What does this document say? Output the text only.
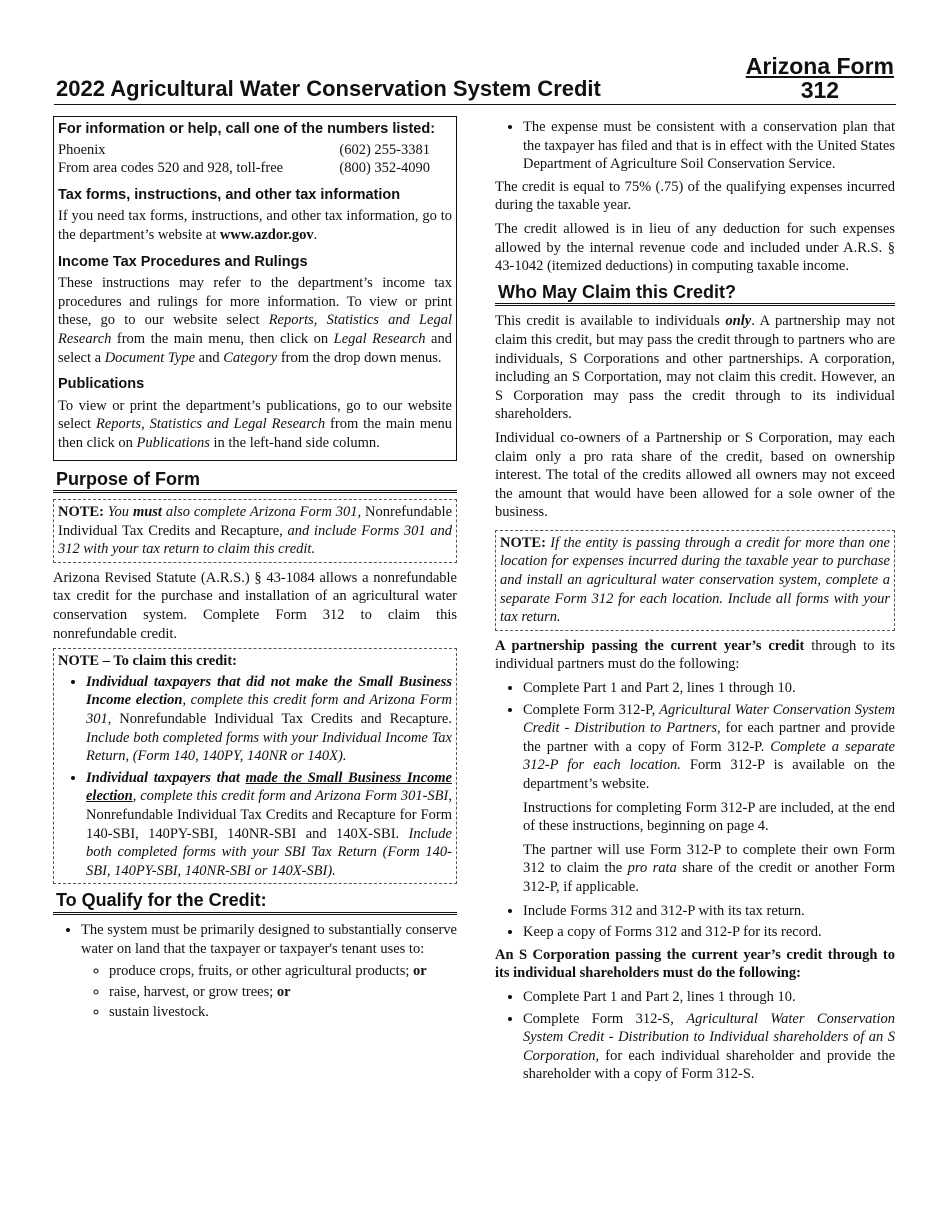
2022 Agricultural Water Conservation System Credit
Arizona Form
312
For information or help, call one of the numbers listed:
Phoenix	(602) 255-3381
From area codes 520 and 928, toll-free	(800) 352-4090
Tax forms, instructions, and other tax information

If you need tax forms, instructions, and other tax information, go to the department’s website at www.azdor.gov.

Income Tax Procedures and Rulings

These instructions may refer to the department’s income tax procedures and rulings for more information. To view or print these, go to our website select Reports, Statistics and Legal Research from the main menu, then click on Legal Research and select a Document Type and Category from the drop down menus.

Publications

To view or print the department’s publications, go to our website select Reports, Statistics and Legal Research from the main menu then click on Publications in the left-hand side column.

Purpose of Form

NOTE: You must also complete Arizona Form 301, Nonrefundable Individual Tax Credits and Recapture, and include Forms 301 and 312 with your tax return to claim this credit.

Arizona Revised Statute (A.R.S.) § 43-1084 allows a nonrefundable tax credit for the purchase and installation of an agricultural water conservation system. Complete Form 312 to claim this nonrefundable credit.

NOTE – To claim this credit:
• Individual taxpayers that did not make the Small Business Income election, complete this credit form and Arizona Form 301, Nonrefundable Individual Tax Credits and Recapture. Include both completed forms with your Individual Income Tax Return, (Form 140, 140PY, 140NR or 140X).
• Individual taxpayers that made the Small Business Income election, complete this credit form and Arizona Form 301-SBI, Nonrefundable Individual Tax Credits and Recapture for Form 140-SBI, 140PY-SBI, 140NR-SBI and 140X-SBI. Include both completed forms with your SBI Tax Return (Form 140-SBI, 140PY-SBI, 140NR-SBI or 140X-SBI).
To Qualify for the Credit:
• The system must be primarily designed to substantially conserve water on land that the taxpayer or taxpayer's tenant uses to:
◦ produce crops, fruits, or other agricultural products; or
◦ raise, harvest, or grow trees; or
◦ sustain livestock.
• The expense must be consistent with a conservation plan that the taxpayer has filed and that is in effect with the United States Department of Agriculture Soil Conservation Service.

The credit is equal to 75% (.75) of the qualifying expenses incurred during the taxable year.

The credit allowed is in lieu of any deduction for such expenses allowed by the internal revenue code and included under A.R.S. § 43-1042 (itemized deductions) in computing taxable income.

Who May Claim this Credit?

This credit is available to individuals only. A partnership may not claim this credit, but may pass the credit through to partners who are individuals, S Corporations and other partnerships. A corporation, including an S Corportation, may not claim this credit. However, an S Corporation may pass the credit through to its individual shareholders.

Individual co-owners of a Partnership or S Corporation, may each claim only a pro rata share of the credit, based on ownership interest. The total of the credits allowed all owners may not exceed the amount that would have been allowed for a sole owner of the business.

NOTE: If the entity is passing through a credit for more than one location for expenses incurred during the taxable year to purchase and install an agricultural water conservation system, complete a separate Form 312 for each location. Include all forms with your tax return.

A partnership passing the current year’s credit through to its individual partners must do the following:

• Complete Part 1 and Part 2, lines 1 through 10.

• Complete Form 312-P, Agricultural Water Conservation System Credit - Distribution to Partners, for each partner and provide the partner with a copy of Form 312-P. Complete a separate 312-P for each location. Form 312-P is available on the department’s website.

Instructions for completing Form 312-P are included, at the end of these instructions, beginning on page 4.

The partner will use Form 312-P to complete their own Form 312 to claim the pro rata share of the credit or another Form 312-P, if applicable.

• Include Forms 312 and 312-P with its tax return.
• Keep a copy of Forms 312 and 312-P for its record.

An S Corporation passing the current year’s credit through to its individual shareholders must do the following:

• Complete Part 1 and Part 2, lines 1 through 10.
• Complete Form 312-S, Agricultural Water Conservation System Credit - Distribution to Individual shareholders of an S Corporation, for each individual shareholder and provide the shareholder with a copy of Form 312-S.
